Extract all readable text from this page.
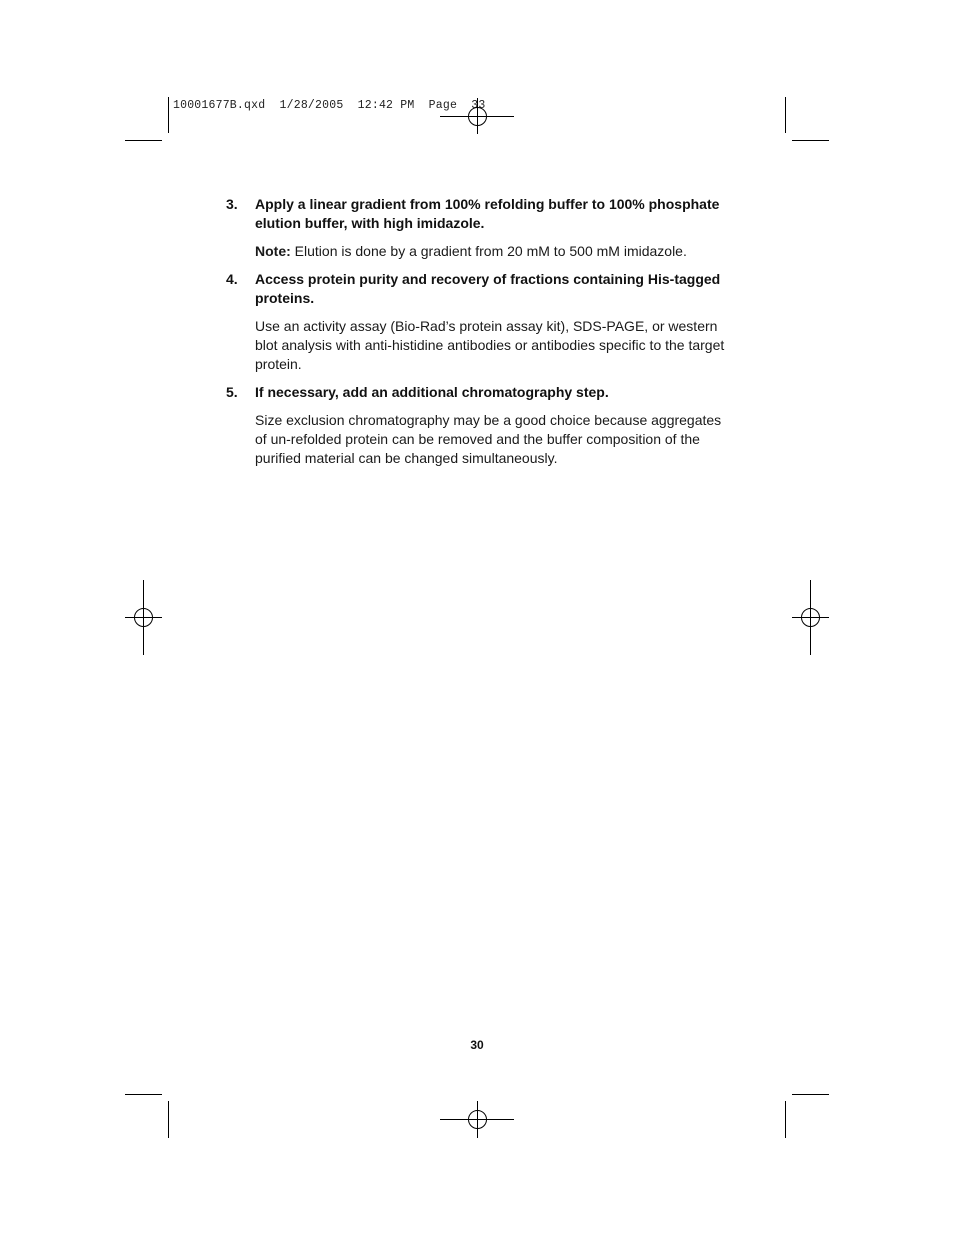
10001677B.qxd 1/28/2005 12:42 PM Page 33
3.	Apply a linear gradient from 100% refolding buffer to 100% phosphate elution buffer, with high imidazole.
Note: Elution is done by a gradient from 20 mM to 500 mM imidazole.
4.	Access protein purity and recovery of fractions containing His-tagged proteins.
Use an activity assay (Bio-Rad’s protein assay kit), SDS-PAGE, or western blot analysis with anti-histidine antibodies or antibodies specific to the target protein.
5.	If necessary, add an additional chromatography step.
Size exclusion chromatography may be a good choice because aggregates of un-refolded protein can be removed and the buffer composition of the purified material can be changed simultaneously.
30
